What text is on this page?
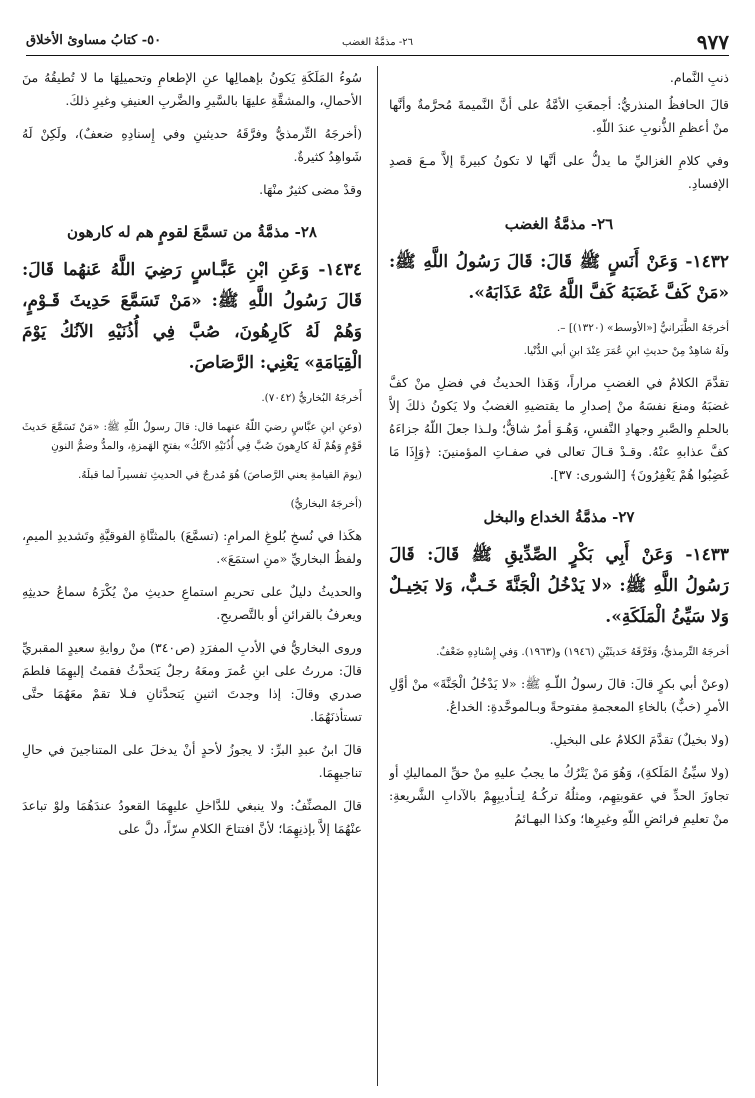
٩٧٧
٢٦- مذمَّةُ الغضب
٥٠- كتابُ مساوئ الأخلاق

ذنبِ النَّمام.

قالَ الحافظُ المنذريُّ: أجمعَتِ الأمَّةُ على أنَّ النَّميمةَ مُحرَّمةٌ وأنَّها منْ أعظمِ الذُّنوبِ عندَ اللّهِ.

وفي كلامِ الغزاليِّ ما يدلُّ على أنَّها لا تكونُ كبيرةً إلاَّ مـعَ قصدِ الإفسادِ.

٢٦- مذمَّةُ الغضب

١٤٣٢- وَعَنْ أَنَسٍ ﷺ قَالَ: قَالَ رَسُولُ اللَّهِ ﷺ: «مَنْ كَفَّ غَضَبَهُ كَفَّ اللَّهُ عَنْهُ عَذَابَهُ».

أخرجَهُ الطَّبَرانيُّ [«الأوسط» (١٣٢٠)] –.

ولَهُ شاهِدٌ مِنْ حديثِ ابنِ عُمَرَ عِنْدَ ابنِ أبي الدُّنْيا.

تقدَّمَ الكلامُ في الغضبِ مراراً، وَهَذا الحديثُ في فضلِ منْ كفَّ غضبَهُ ومنعَ نفسَهُ منْ إصدارِ ما يقتضيهِ الغضبُ ولا يَكونُ ذلكَ إلاَّ بالحلمِ والصَّبرِ وجهادِ النَّفسِ، وَهُـوَ أمرٌ شاقٌّ؛ ولـذا جعلَ اللّهُ جزاءَهُ كفَّ عذابهِ عنْهُ. وقـدْ قـالَ تعالى في صفـاتِ المؤمنينَ: ﴿وَإِذَا مَا غَضِبُوا هُمْ يَغْفِرُونَ﴾ [الشورى: ٣٧].

٢٧- مذمَّةُ الخداع والبخل

١٤٣٣- وَعَنْ أَبِي بَكْرٍ الصِّدِّيقِ ﷺ قَالَ: قَالَ رَسُولُ اللَّهِ ﷺ: «لا يَدْخُلُ الْجَنَّةَ خَـبٌّ، وَلا بَخِيـلٌ وَلا سَيِّئُ الْمَلَكَةِ».

أخرجَهُ التِّرمذيُّ، وَفَرَّقَهُ حَديثَيْنِ (١٩٤٦) و(١٩٦٣). وَفي إِسْنادِهِ ضَعْفٌ.

(وعنْ أبي بكرٍ قالَ: قالَ رسولُ اللّـهِ ﷺ: «لا يَدْخُلُ الْجَنَّةَ» منْ أوَّلِ الأمرِ (خبٌّ) بالخاءِ المعجمةِ مفتوحةً وبـالموحَّدةِ: الخداعُ.

(ولا بخيلٌ) تقدَّمَ الكلامُ على البخيلِ.

(ولا سيِّئُ المَلَكةِ)، وَهُوَ مَنْ يَتْرُكُ ما يجبُ عليهِ منْ حقِّ المماليكِ أو تجاوزَ الحدِّ في عقوبتِهِم، ومثلُهُ تركُـهُ لِتـأديبِهِمْ بالآدابِ الشَّريعةِ: منْ تعليمِ فرائضِ اللّهِ وغيرِها؛ وكذا البهـائمُ

سُوءُ المَلَكَةِ يَكونُ بإهمالِها عنِ الإطعامِ وتحميلِهَا ما لا تُطيقُهُ منَ الأحمالِ، والمشقَّةِ عليهَا بالسَّيرِ والضَّربِ العنيفِ وغيرِ ذلكَ.

(أخرجَهُ التِّرمذيُّ وفرَّقَهُ حديثينِ وفي إِسنادِهِ ضعفٌ)، ولَكِنْ لَهُ شَواهِدُ كثيرةٌ.

وقدْ مضى كثيرٌ منْهَا.

٢٨- مذمَّةُ من تسمَّعَ لقومٍ هم له كارهون

١٤٣٤- وَعَنِ ابْنِ عَبَّـاسٍ رَضِيَ اللَّهُ عَنهُما قَالَ: قَالَ رَسُولُ اللَّهِ ﷺ: «مَنْ تَسَمَّعَ حَدِيثَ قَـوْمٍ، وَهُمْ لَهُ كَارِهُونَ، صُبَّ فِي أُذُنَيْهِ الآنُكُ يَوْمَ الْقِيَامَةِ» يَعْنِي: الرَّصَاصَ.

أَخرجَهُ البُخاريُّ (٧٠٤٢).

(وعنِ ابنِ عبَّاسٍ رضيَ اللّهُ عنهما قال: قالَ رسولُ اللّهِ ﷺ: «مَنْ تَسَمَّعَ حَديثَ قَوْمٍ وَهُمْ لَهُ كارِهونَ صُبَّ فِي أُذُنَيْهِ الآنُكُ» بفتحِ الهَمزةِ، والمدُّ وضمُّ النونِ

(يومَ القيامةِ يعني الرَّصاصَ) هُوَ مُدرجٌ في الحديثِ تفسيراً لما قبلَهُ.

(أخرجَهُ البخاريُّ)

هكَذا في نُسخِ بُلوغِ المرامِ: (تسمَّعَ) بالمثنَّاةِ الفوقيَّةِ وتَشديدِ الميمِ، ولفظُ البخاريِّ «منِ استمَعَ».

والحديثُ دليلٌ على تحريمِ استماعِ حديثِ منْ يُكْرَهُ سماعُ حديثِهِ ويعرفُ بالقرائنِ أو بالتَّصريحِ.

وروى البخاريُّ في الأدبِ المفرَدِ (ص٣٤٠) منْ روايةِ سعيدٍ المقبريِّ قالَ: مررتُ على ابنِ عُمرَ ومعَهُ رجلٌ يَتحدَّثُ فقمتُ إليهِمَا فلطمَ صدري وقالَ: إذا وجدتَ اثنينِ يَتحدَّثانِ فـلا تقمْ معَهُمَا حتَّى تستأذنَهُمَا.

قالَ ابنُ عبدِ البرِّ: لا يجوزُ لأحدٍ أنْ يدخلَ على المتناجينَ في حالِ تناجيهِمَا.

قالَ المصنِّفُ: ولا ينبغي للدَّاخلِ عليهِمَا القعودُ عندَهُمَا ولوْ تباعدَ عنْهُمَا إلاَّ بإذنِهِمَا؛ لأنَّ افتتاحَ الكلامِ سرّاً، دلَّ على
